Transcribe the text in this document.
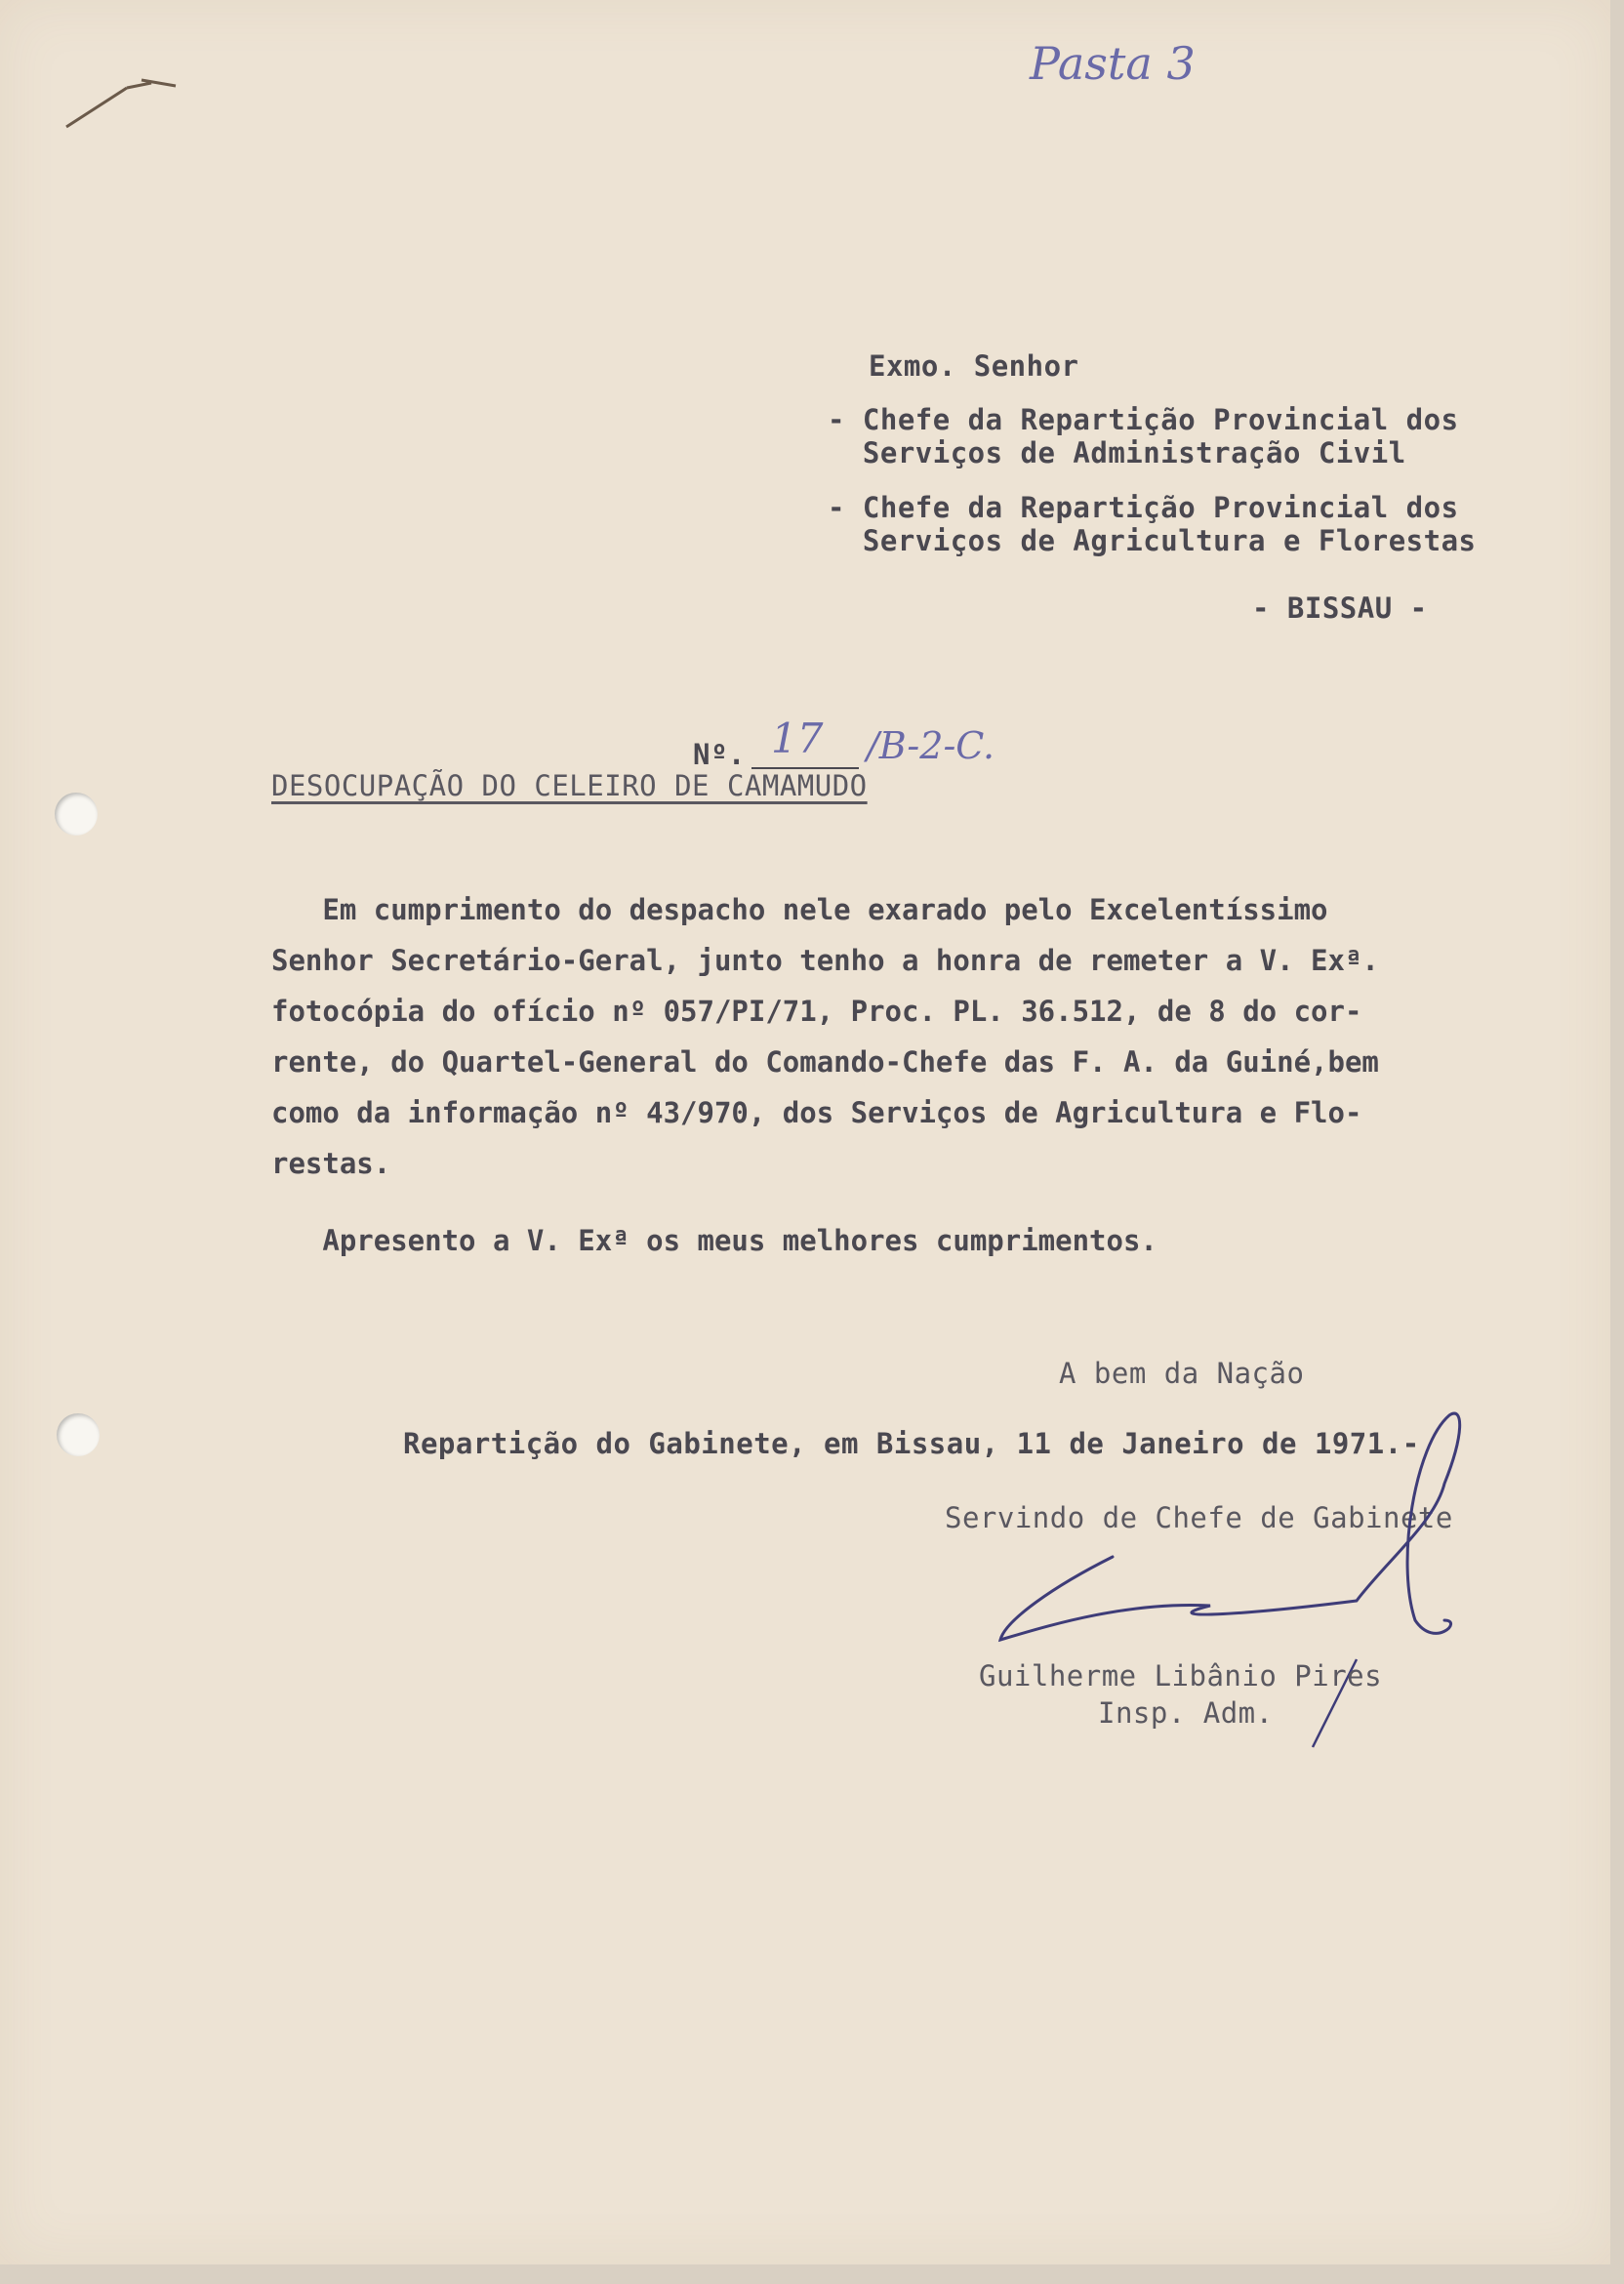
Pasta 3
Exmo. Senhor
- Chefe da Repartição Provincial dos
Serviços de Administração Civil
- Chefe da Repartição Provincial dos
Serviços de Agricultura e Florestas
- BISSAU -
Nº. 17 /B-2-C.
DESOCUPAÇÃO DO CELEIRO DE CAMAMUDO
Em cumprimento do despacho nele exarado pelo Excelentíssimo
Senhor Secretário-Geral, junto tenho a honra de remeter a V. Exª.
fotocópia do ofício nº 057/PI/71, Proc. PL. 36.512, de 8 do cor-
rente, do Quartel-General do Comando-Chefe das F. A. da Guiné,bem
como da informação nº 43/970, dos Serviços de Agricultura e Flo-
restas.
Apresento a V. Exª os meus melhores cumprimentos.
A bem da Nação
Repartição do Gabinete, em Bissau, 11 de Janeiro de 1971.-
Servindo de Chefe de Gabinete
Guilherme Libânio Pires
Insp. Adm.
